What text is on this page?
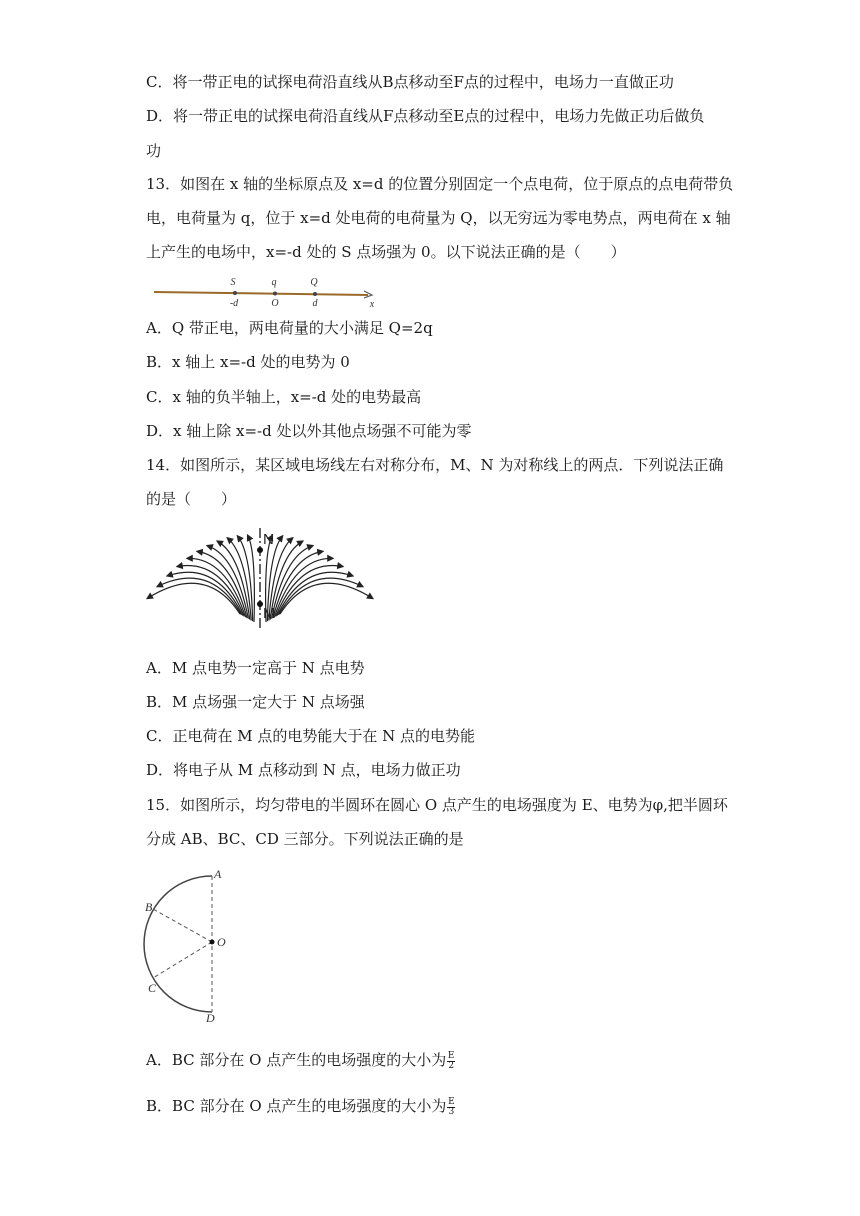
C．将一带正电的试探电荷沿直线从B点移动至F点的过程中，电场力一直做正功
D．将一带正电的试探电荷沿直线从F点移动至E点的过程中，电场力先做正功后做负
功
13．如图在 x 轴的坐标原点及 x=d 的位置分别固定一个点电荷，位于原点的点电荷带负
电，电荷量为 q，位于 x=d 处电荷的电荷量为 Q，以无穷远为零电势点，两电荷在 x 轴
上产生的电场中，x=-d 处的 S 点场强为 0。以下说法正确的是（　　）
S	q	Q
-d	O	d	x
A．Q 带正电，两电荷量的大小满足 Q=2q
B．x 轴上 x=-d 处的电势为 0
C．x 轴的负半轴上，x=-d 处的电势最高
D．x 轴上除 x=-d 处以外其他点场强不可能为零
14．如图所示，某区域电场线左右对称分布，M、N 为对称线上的两点．下列说法正确
的是（　　）
N
M
A．M 点电势一定高于 N 点电势
B．M 点场强一定大于 N 点场强
C．正电荷在 M 点的电势能大于在 N 点的电势能
D．将电子从 M 点移动到 N 点，电场力做正功
15．如图所示，均匀带电的半圆环在圆心 O 点产生的电场强度为 E、电势为φ,把半圆环
分成 AB、BC、CD 三部分。下列说法正确的是
A
B
C
O
D
A．BC 部分在 O 点产生的电场强度的大小为 $\frac{E}{2}$
B．BC 部分在 O 点产生的电场强度的大小为 $\frac{E}{3}$
